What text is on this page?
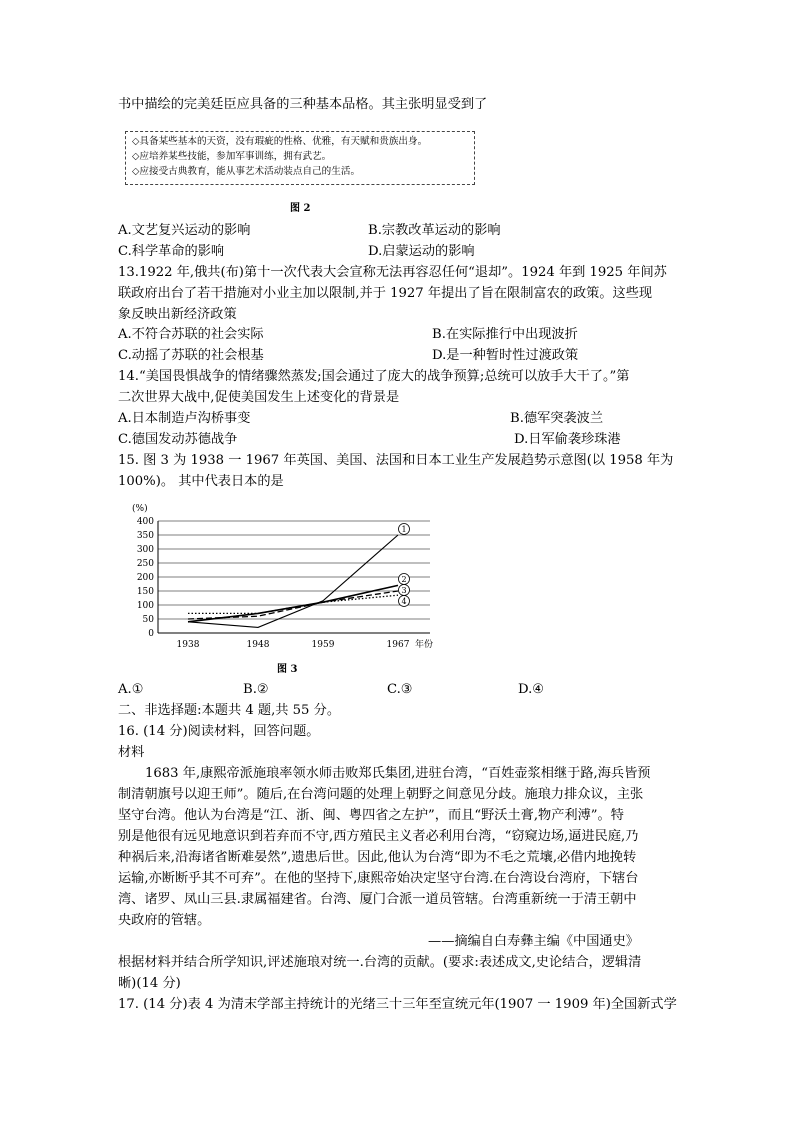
书中描绘的完美廷臣应具备的三种基本品格。其主张明显受到了
◇具备某些基本的天资，没有瑕疵的性格、优雅，有天赋和贵族出身。
◇应培养某些技能，参加军事训练，拥有武艺。
◇应接受古典教育，能从事艺术活动装点自己的生活。
图 2
A.文艺复兴运动的影响	B.宗教改革运动的影响
C.科学革命的影响	D.启蒙运动的影响
13.1922 年,俄共(布)第十一次代表大会宣称无法再容忍任何“退却”。1924 年到 1925 年间苏
联政府出台了若干措施对小业主加以限制,并于 1927 年提出了旨在限制富农的政策。这些现
象反映出新经济政策
A.不符合苏联的社会实际	B.在实际推行中出现波折
C.动摇了苏联的社会根基	D.是一种暂时性过渡政策
14.“美国畏惧战争的情绪骤然蒸发;国会通过了庞大的战争预算;总统可以放手大干了。”第
二次世界大战中,促使美国发生上述变化的背景是
A.日本制造卢沟桥事变	B.德军突袭波兰
C.德国发动苏德战争	D.日军偷袭珍珠港
15. 图 3 为 1938 一 1967 年英国、美国、法国和日本工业生产发展趋势示意图(以 1958 年为
100%)。 其中代表日本的是
(%)
年份
400
350
300
250
200
150
100
50
0
1938	1948	1959	1967
1
2
3
4
图 3
A.①	B.②	C.③	D.④
二、非选择题:本题共 4 题,共 55 分。
16. (14 分)阅读材料，回答问题。
材料
1683 年,康熙帝派施琅率领水师击败郑氏集团,进驻台湾，“百姓壶浆相继于路,海兵皆预
制清朝旗号以迎王师”。随后,在台湾问题的处理上朝野之间意见分歧。施琅力排众议，主张
坚守台湾。他认为台湾是“江、浙、闽、粤四省之左护”，而且“野沃土膏,物产利溥”。特
别是他很有远见地意识到若弃而不守,西方殖民主义者必利用台湾，“窃窥边场,逼进民庭,乃
种祸后来,沿海诸省断难晏然”,遗患后世。因此,他认为台湾“即为不毛之荒壤,必借内地挽转
运输,亦断断乎其不可弃”。在他的坚持下,康熙帝始决定坚守台湾.在台湾设台湾府，下辖台
湾、诸罗、凤山三县.隶属福建省。台湾、厦门合派一道员管辖。台湾重新统一于清王朝中
央政府的管辖。
——摘编自白寿彝主编《中国通史》
根据材料并结合所学知识,评述施琅对统一.台湾的贡献。(要求:表述成文,史论结合，逻辑清
晰)(14 分)
17. (14 分)表 4 为清末学部主持统计的光绪三十三年至宣统元年(1907 一 1909 年)全国新式学
